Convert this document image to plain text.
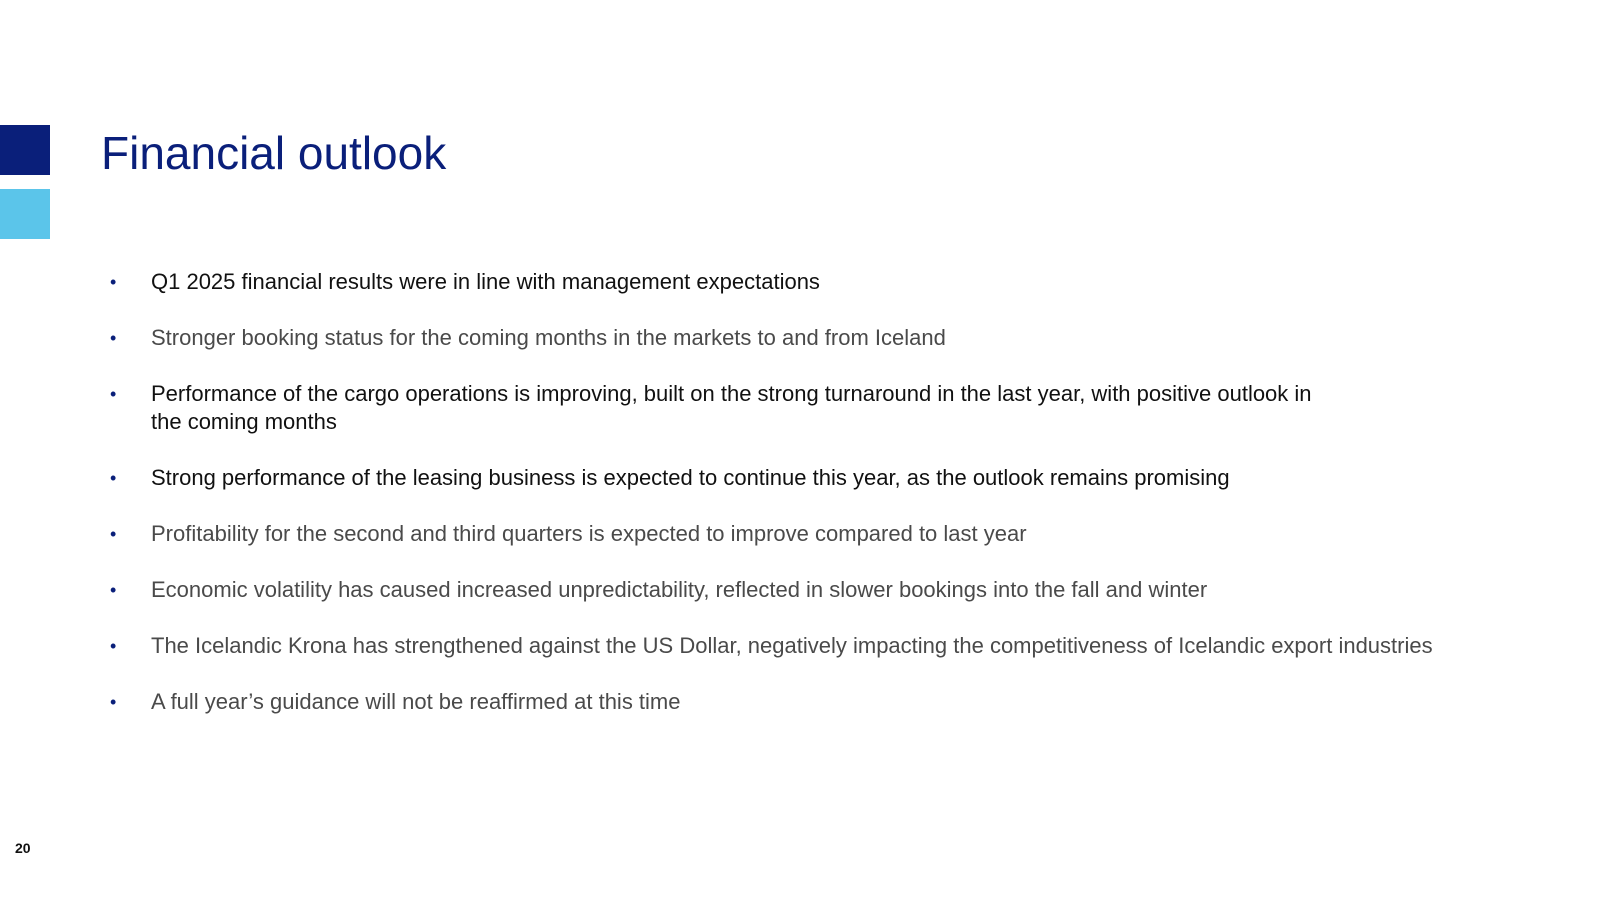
Financial outlook
•	Q1 2025 financial results were in line with management expectations
•	Stronger booking status for the coming months in the markets to and from Iceland
•	Performance of the cargo operations is improving, built on the strong turnaround in the last year, with positive outlook in the coming months
•	Strong performance of the leasing business is expected to continue this year, as the outlook remains promising
•	Profitability for the second and third quarters is expected to improve compared to last year
•	Economic volatility has caused increased unpredictability, reflected in slower bookings into the fall and winter
•	The Icelandic Krona has strengthened against the US Dollar, negatively impacting the competitiveness of Icelandic export industries
•	A full year’s guidance will not be reaffirmed at this time
20
